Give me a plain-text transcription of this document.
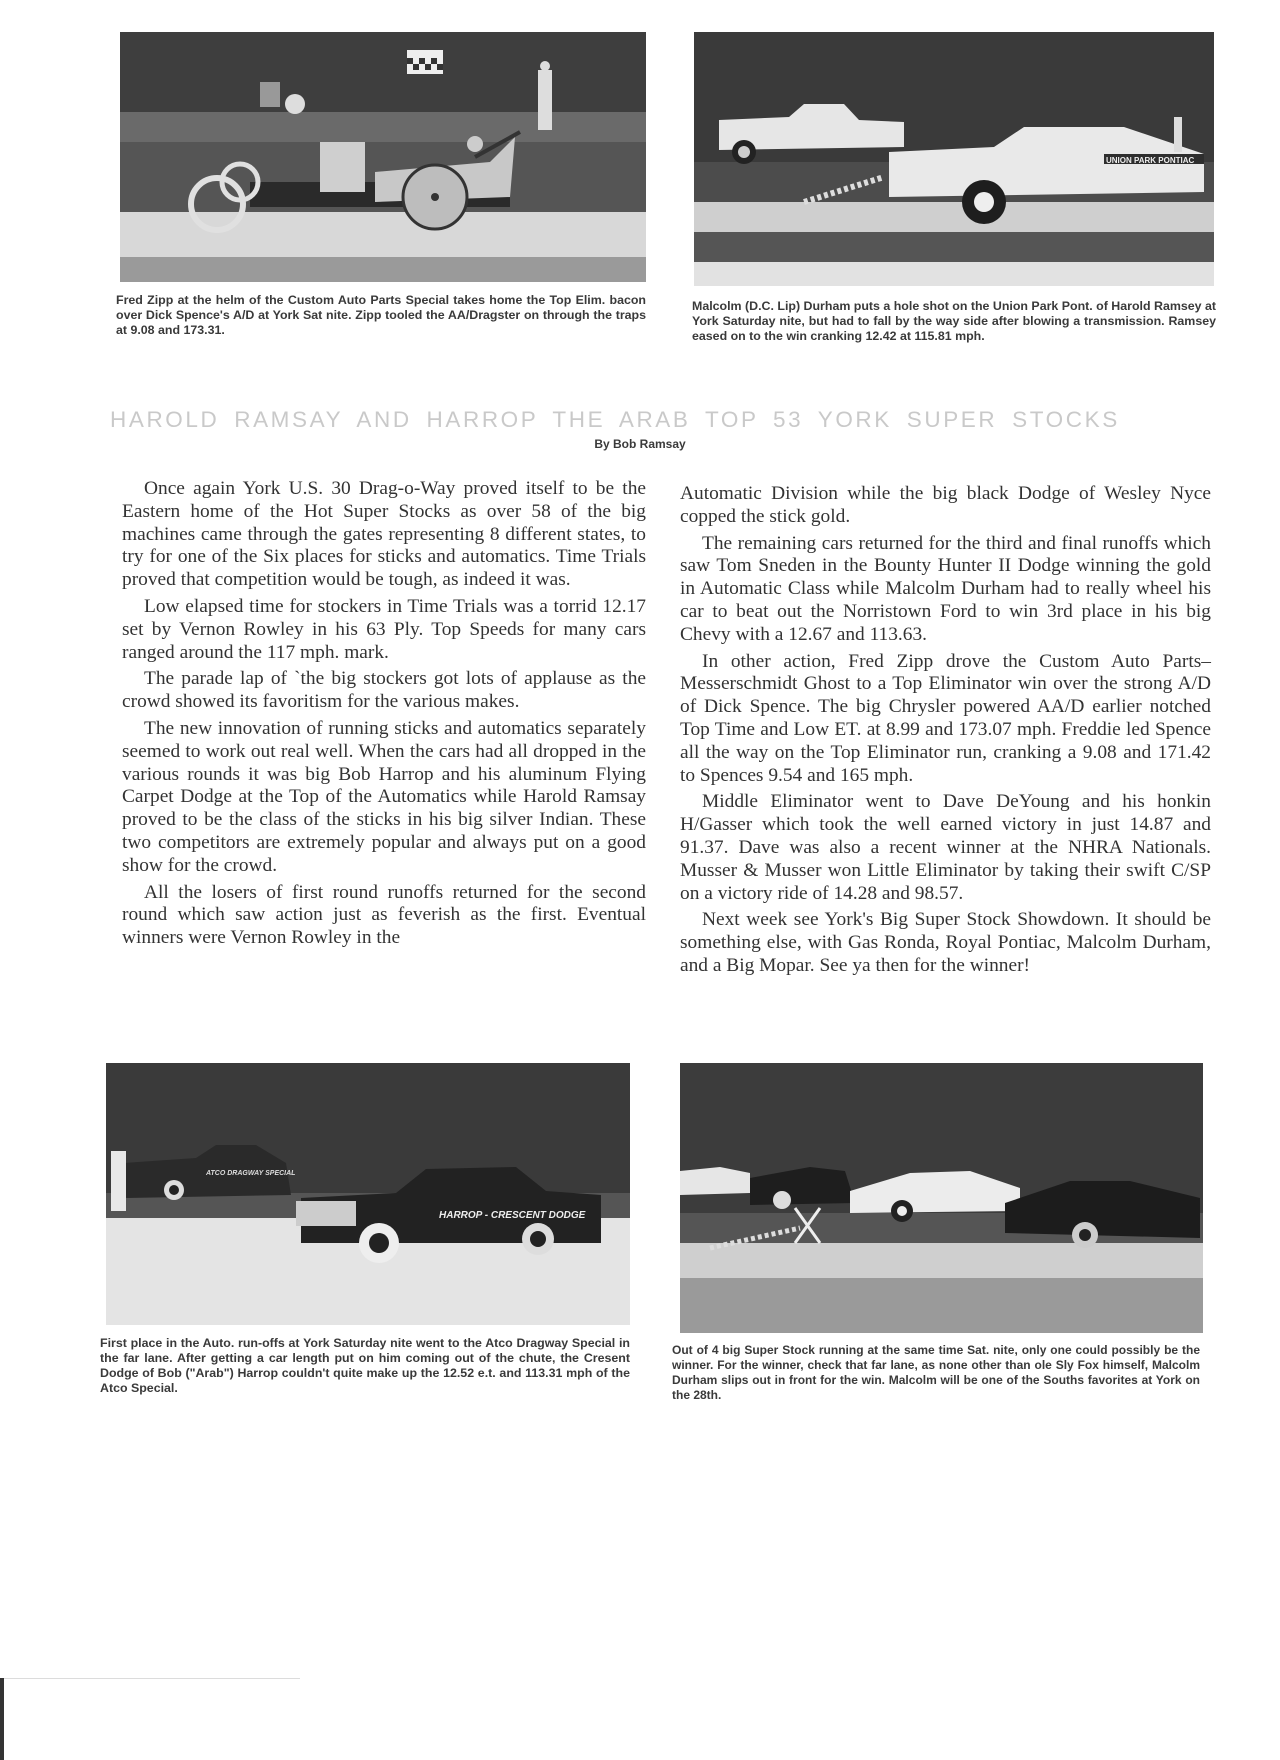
Fred Zipp at the helm of the Custom Auto Parts Special takes home the Top Elim. bacon over Dick Spence's A/D at York Sat nite. Zipp tooled the AA/Dragster on through the traps at 9.08 and 173.31.
UNION PARK PONTIAC
Malcolm (D.C. Lip) Durham puts a hole shot on the Union Park Pont. of Harold Ramsey at York Saturday nite, but had to fall by the way side after blowing a transmission. Ramsey eased on to the win cranking 12.42 at 115.81 mph.
HAROLD RAMSAY AND HARROP THE ARAB TOP 53 YORK SUPER STOCKS
By Bob Ramsay

Once again York U.S. 30 Drag-o-Way proved itself to be the Eastern home of the Hot Super Stocks as over 58 of the big machines came through the gates representing 8 different states, to try for one of the Six places for sticks and automatics. Time Trials proved that competition would be tough, as indeed it was.

Low elapsed time for stockers in Time Trials was a torrid 12.17 set by Vernon Rowley in his 63 Ply. Top Speeds for many cars ranged around the 117 mph. mark.

The parade lap of `the big stockers got lots of applause as the crowd showed its favoritism for the various makes.

The new innovation of running sticks and automatics separately seemed to work out real well. When the cars had all dropped in the various rounds it was big Bob Harrop and his aluminum Flying Carpet Dodge at the Top of the Automatics while Harold Ramsay proved to be the class of the sticks in his big silver Indian. These two competitors are extremely popular and always put on a good show for the crowd.

All the losers of first round runoffs returned for the second round which saw action just as feverish as the first. Eventual winners were Vernon Rowley in the

Automatic Division while the big black Dodge of Wesley Nyce copped the stick gold.

The remaining cars returned for the third and final runoffs which saw Tom Sneden in the Bounty Hunter II Dodge winning the gold in Automatic Class while Malcolm Durham had to really wheel his car to beat out the Norristown Ford to win 3rd place in his big Chevy with a 12.67 and 113.63.

In other action, Fred Zipp drove the Custom Auto Parts–Messerschmidt Ghost to a Top Eliminator win over the strong A/D of Dick Spence. The big Chrysler powered AA/D earlier notched Top Time and Low ET. at 8.99 and 173.07 mph. Freddie led Spence all the way on the Top Eliminator run, cranking a 9.08 and 171.42 to Spences 9.54 and 165 mph.

Middle Eliminator went to Dave DeYoung and his honkin H/Gasser which took the well earned victory in just 14.87 and 91.37. Dave was also a recent winner at the NHRA Nationals. Musser & Musser won Little Eliminator by taking their swift C/SP on a victory ride of 14.28 and 98.57.

Next week see York's Big Super Stock Showdown. It should be something else, with Gas Ronda, Royal Pontiac, Malcolm Durham, and a Big Mopar. See ya then for the winner!

ATCO DRAGWAY SPECIAL
HARROP - CRESCENT DODGE
First place in the Auto. run-offs at York Saturday nite went to the Atco Dragway Special in the far lane. After getting a car length put on him coming out of the chute, the Cresent Dodge of Bob ("Arab") Harrop couldn't quite make up the 12.52 e.t. and 113.31 mph of the Atco Special.
Out of 4 big Super Stock running at the same time Sat. nite, only one could possibly be the winner. For the winner, check that far lane, as none other than ole Sly Fox himself, Malcolm Durham slips out in front for the win. Malcolm will be one of the Souths favorites at York on the 28th.
